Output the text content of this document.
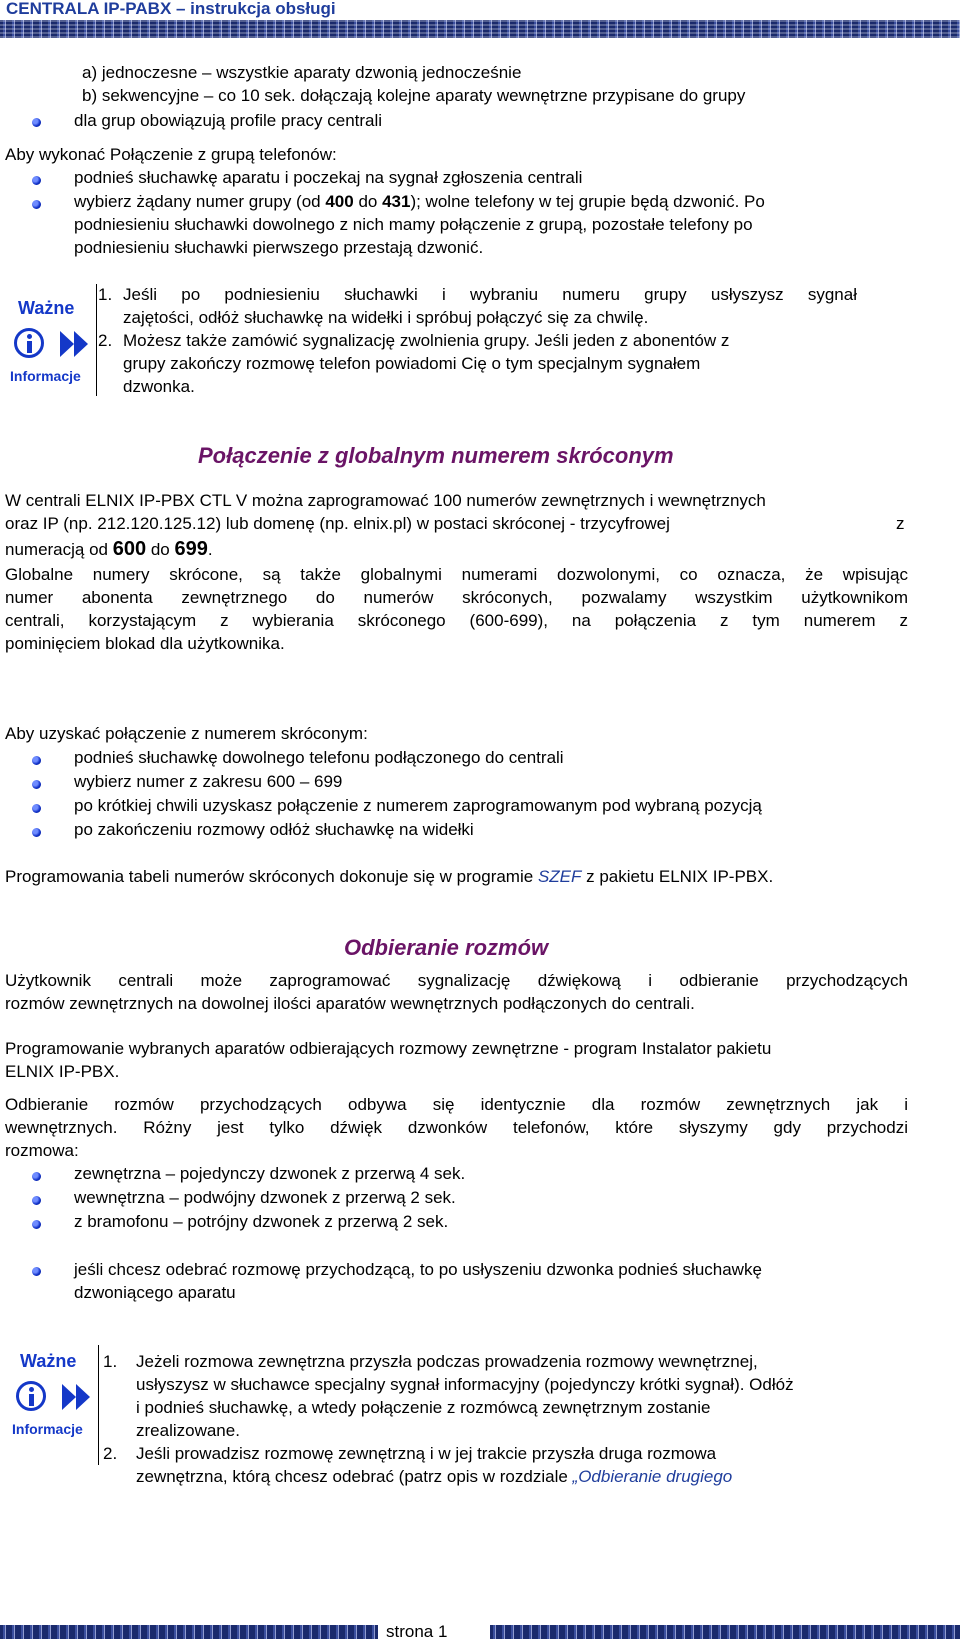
CENTRALA IP-PABX – instrukcja obsługi
a) jednoczesne – wszystkie aparaty dzwonią jednocześnie
b) sekwencyjne – co 10 sek. dołączają kolejne aparaty wewnętrzne przypisane do grupy
dla grup obowiązują profile pracy centrali
Aby wykonać Połączenie z grupą telefonów:
podnieś słuchawkę aparatu i poczekaj na sygnał zgłoszenia centrali
wybierz żądany numer grupy (od 400 do 431); wolne telefony w tej grupie będą dzwonić. Po
podniesieniu słuchawki dowolnego z nich mamy połączenie z grupą, pozostałe telefony po
podniesieniu słuchawki pierwszego przestają dzwonić.
Ważne
Informacje
1. Jeśli po podniesieniu słuchawki i wybraniu numeru grupy usłyszysz sygnał
zajętości, odłóż słuchawkę na widełki i spróbuj połączyć się za chwilę.
2. Możesz także zamówić sygnalizację zwolnienia grupy. Jeśli jeden z abonentów z
grupy zakończy rozmowę telefon powiadomi Cię o tym specjalnym sygnałem
dzwonka.
Połączenie z globalnym numerem skróconym
W centrali ELNIX IP-PBX CTL V można zaprogramować 100 numerów zewnętrznych i wewnętrznych
oraz IP (np. 212.120.125.12) lub domenę (np. elnix.pl) w postaci skróconej - trzycyfrowej	z
numeracją od 600 do 699.
Globalne numery skrócone, są także globalnymi numerami dozwolonymi, co oznacza, że wpisując
numer abonenta zewnętrznego do numerów skróconych, pozwalamy wszystkim użytkownikom
centrali, korzystającym z wybierania skróconego (600-699), na połączenia z tym numerem z
pominięciem blokad dla użytkownika.
Aby uzyskać połączenie z numerem skróconym:
podnieś słuchawkę dowolnego telefonu podłączonego do centrali
wybierz numer z zakresu 600 – 699
po krótkiej chwili uzyskasz połączenie z numerem zaprogramowanym pod wybraną pozycją
po zakończeniu rozmowy odłóż słuchawkę na widełki
Programowania tabeli numerów skróconych dokonuje się w programie SZEF z pakietu ELNIX IP-PBX.
Odbieranie rozmów
Użytkownik centrali może zaprogramować sygnalizację dźwiękową i odbieranie przychodzących
rozmów zewnętrznych na dowolnej ilości aparatów wewnętrznych podłączonych do centrali.
Programowanie wybranych aparatów odbierających rozmowy zewnętrzne - program Instalator pakietu
ELNIX IP-PBX.
Odbieranie rozmów przychodzących odbywa się identycznie dla rozmów zewnętrznych jak i
wewnętrznych. Różny jest tylko dźwięk dzwonków telefonów, które słyszymy gdy przychodzi
rozmowa:
zewnętrzna – pojedynczy dzwonek z przerwą 4 sek.
wewnętrzna – podwójny dzwonek z przerwą 2 sek.
z bramofonu – potrójny dzwonek z przerwą 2 sek.
jeśli chcesz odebrać rozmowę przychodzącą, to po usłyszeniu dzwonka podnieś słuchawkę
dzwoniącego aparatu
Ważne
Informacje
1. Jeżeli rozmowa zewnętrzna przyszła podczas prowadzenia rozmowy wewnętrznej,
usłyszysz w słuchawce specjalny sygnał informacyjny (pojedynczy krótki sygnał). Odłóż
i podnieś słuchawkę, a wtedy połączenie z rozmówcą zewnętrznym zostanie
zrealizowane.
2. Jeśli prowadzisz rozmowę zewnętrzną i w jej trakcie przyszła druga rozmowa
zewnętrzna, którą chcesz odebrać (patrz opis w rozdziale „Odbieranie drugiego
strona 1
